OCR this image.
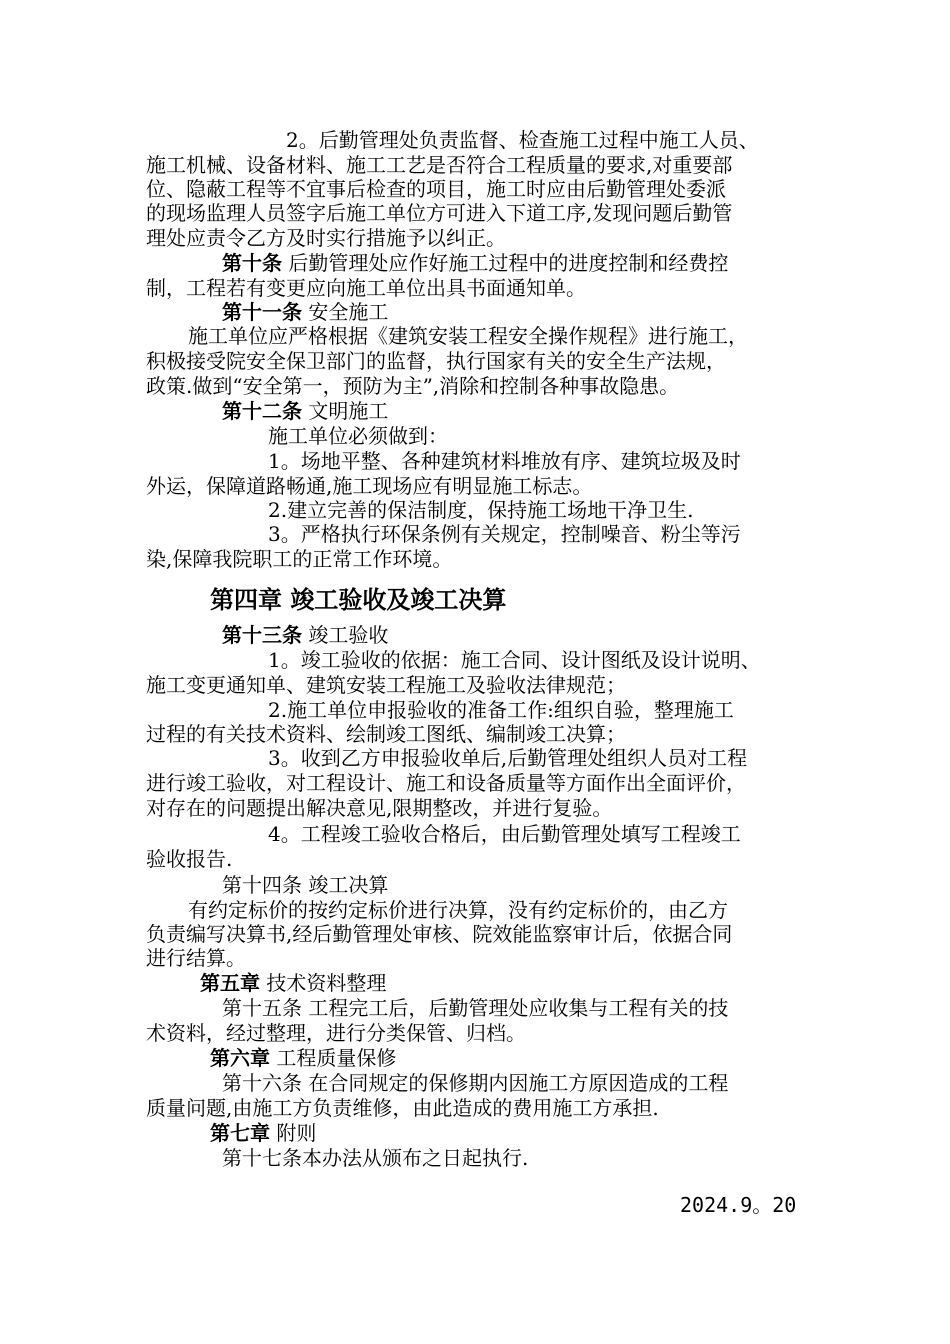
2。后勤管理处负责监督、检查施工过程中施工人员、
施工机械、设备材料、施工工艺是否符合工程质量的要求,对重要部
位、隐蔽工程等不宜事后检查的项目，施工时应由后勤管理处委派
的现场监理人员签字后施工单位方可进入下道工序,发现问题后勤管
理处应责令乙方及时实行措施予以纠正。
第十条 后勤管理处应作好施工过程中的进度控制和经费控
制，工程若有变更应向施工单位出具书面通知单。
第十一条 安全施工
施工单位应严格根据《建筑安装工程安全操作规程》进行施工，
积极接受院安全保卫部门的监督，执行国家有关的安全生产法规，
政策.做到“安全第一，预防为主”,消除和控制各种事故隐患。
第十二条 文明施工
施工单位必须做到：
1。场地平整、各种建筑材料堆放有序、建筑垃圾及时
外运，保障道路畅通,施工现场应有明显施工标志。
2.建立完善的保洁制度，保持施工场地干净卫生.
3。严格执行环保条例有关规定，控制噪音、粉尘等污
染,保障我院职工的正常工作环境。
第四章 竣工验收及竣工决算
第十三条 竣工验收
1。竣工验收的依据：施工合同、设计图纸及设计说明、
施工变更通知单、建筑安装工程施工及验收法律规范；
2.施工单位申报验收的准备工作:组织自验，整理施工
过程的有关技术资料、绘制竣工图纸、编制竣工决算；
3。收到乙方申报验收单后,后勤管理处组织人员对工程
进行竣工验收，对工程设计、施工和设备质量等方面作出全面评价，
对存在的问题提出解决意见,限期整改，并进行复验。
4。工程竣工验收合格后，由后勤管理处填写工程竣工
验收报告.
第十四条 竣工决算
有约定标价的按约定标价进行决算，没有约定标价的，由乙方
负责编写决算书,经后勤管理处审核、院效能监察审计后，依据合同
进行结算。
第五章 技术资料整理
第十五条 工程完工后，后勤管理处应收集与工程有关的技
术资料，经过整理，进行分类保管、归档。
第六章 工程质量保修
第十六条 在合同规定的保修期内因施工方原因造成的工程
质量问题,由施工方负责维修，由此造成的费用施工方承担.
第七章 附则
第十七条本办法从颁布之日起执行.
2024.9。20
